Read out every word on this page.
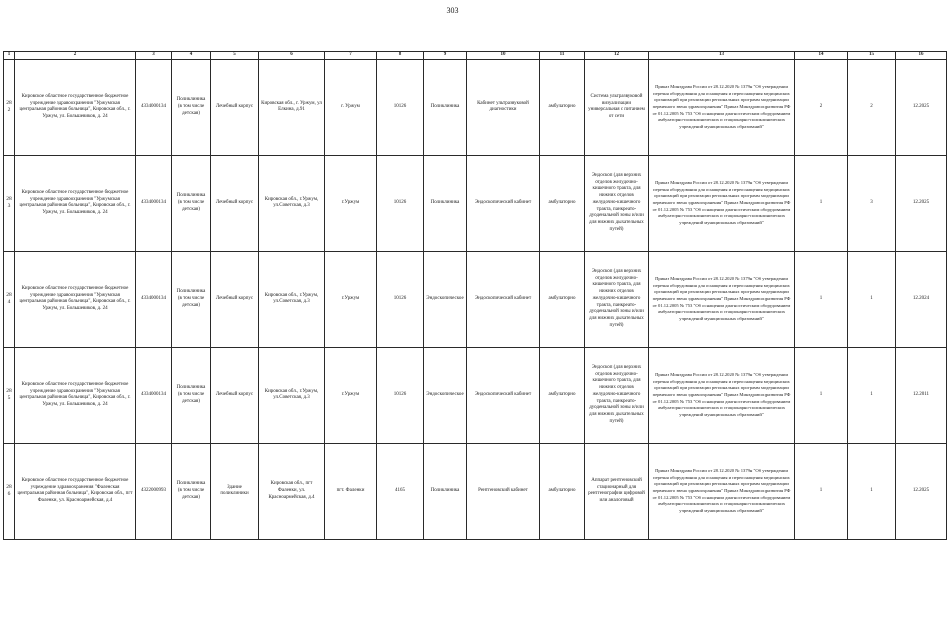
303
1	2	3	4	5	6	7	8	9	10	11	12	13	14	15	16
282	Кировское областное государственное бюджетное учреждение здравоохранения "Уржумская центральная районная больница", Кировская обл., г. Уржум, ул. Большевиков, д. 24	4334000134	Поликлиника (в том числе детская)	Лечебный корпус	Кировская обл., г. Уржум, ул Елкина, д.91	г. Уржум	10126	Поликлиника	Кабинет ультразвуковой диагностики	амбулаторно	Система ультразвуковой визуализации универсальная с питанием от сети	Приказ Минздрава России от 28.12.2020 № 1379н "Об утверждении перечня оборудования для оснащения и переоснащения медицинских организаций при реализации региональных программ модернизации первичного звена здравоохранения" Приказ Минздравсоцразвития РФ от 01.12.2005 № 753 "Об оснащении диагностическим оборудованием амбулаторно-поликлинических и стационарно-поликлинических учреждений муниципальных образований"	2	2	12.2025
283	Кировское областное государственное бюджетное учреждение здравоохранения "Уржумская центральная районная больница", Кировская обл., г. Уржум, ул. Большевиков, д. 24	4334000134	Поликлиника (в том числе детская)	Лечебный корпус	Кировская обл., г.Уржум, ул.Советская, д.3	г.Уржум	10126	Поликлиника	Эндоскопический кабинет	амбулаторно	Эндоскоп (для верхних отделов желудочно-кишечного тракта, для нижних отделов желудочно-кишечного тракта, панкреато-дуоденальной зоны и/или для нижних дыхательных путей)	Приказ Минздрава России от 28.12.2020 № 1379н "Об утверждении перечня оборудования для оснащения и переоснащения медицинских организаций при реализации региональных программ модернизации первичного звена здравоохранения" Приказ Минздравсоцразвития РФ от 01.12.2005 № 753 "Об оснащении диагностическим оборудованием амбулаторно-поликлинических и стационарно-поликлинических учреждений муниципальных образований"	1	3	12.2025
284	Кировское областное государственное бюджетное учреждение здравоохранения "Уржумская центральная районная больница", Кировская обл., г. Уржум, ул. Большевиков, д. 24	4334000134	Поликлиника (в том числе детская)	Лечебный корпус	Кировская обл., г.Уржум, ул.Советская, д.3	г.Уржум	10126	Эндоскопическое	Эндоскопический кабинет	амбулаторно	Эндоскоп (для верхних отделов желудочно-кишечного тракта, для нижних отделов желудочно-кишечного тракта, панкреато-дуоденальной зоны и/или для нижних дыхательных путей)	Приказ Минздрава России от 28.12.2020 № 1379н "Об утверждении перечня оборудования для оснащения и переоснащения медицинских организаций при реализации региональных программ модернизации первичного звена здравоохранения" Приказ Минздравсоцразвития РФ от 01.12.2005 № 753 "Об оснащении диагностическим оборудованием амбулаторно-поликлинических и стационарно-поликлинических учреждений муниципальных образований"	1	1	12.2024
285	Кировское областное государственное бюджетное учреждение здравоохранения "Уржумская центральная районная больница", Кировская обл., г. Уржум, ул. Большевиков, д. 24	4334000134	Поликлиника (в том числе детская)	Лечебный корпус	Кировская обл., г.Уржум, ул.Советская, д.3	г.Уржум	10126	Эндоскопическое	Эндоскопический кабинет	амбулаторно	Эндоскоп (для верхних отделов желудочно-кишечного тракта, для нижних отделов желудочно-кишечного тракта, панкреато-дуоденальной зоны и/или для нижних дыхательных путей)	Приказ Минздрава России от 28.12.2020 № 1379н "Об утверждении перечня оборудования для оснащения и переоснащения медицинских организаций при реализации региональных программ модернизации первичного звена здравоохранения" Приказ Минздравсоцразвития РФ от 01.12.2005 № 753 "Об оснащении диагностическим оборудованием амбулаторно-поликлинических и стационарно-поликлинических учреждений муниципальных образований"	1	1	12.2011
286	Кировское областное государственное бюджетное учреждение здравоохранения "Фаленская центральная районная больница", Кировская обл., пгт Фаленки, ул. Красноармейская, д.4	4322000993	Поликлиника (в том числе детская)	Здание поликлиники	Кировская обл., пгт Фаленки, ул. Красноармейская, д.4	пгт. Фаленки	4165	Поликлиника	Рентгеновский кабинет	амбулаторно	Аппарат рентгеновский стационарный для рентгенографии цифровой или аналоговый	Приказ Минздрава России от 28.12.2020 № 1379н "Об утверждении перечня оборудования для оснащения и переоснащения медицинских организаций при реализации региональных программ модернизации первичного звена здравоохранения" Приказ Минздравсоцразвития РФ от 01.12.2005 № 753 "Об оснащении диагностическим оборудованием амбулаторно-поликлинических и стационарно-поликлинических учреждений муниципальных образований"	1	1	12.2025
